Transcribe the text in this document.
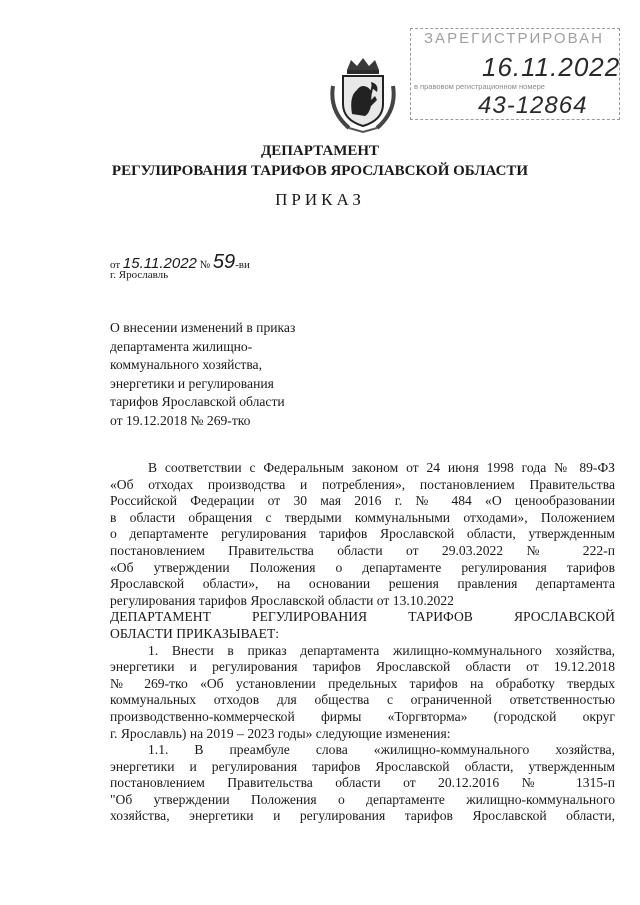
ЗАРЕГИСТРИРОВАН
16.11.2022
в правовом регистрационном номере
43-12864
ДЕПАРТАМЕНТ
РЕГУЛИРОВАНИЯ ТАРИФОВ ЯРОСЛАВСКОЙ ОБЛАСТИ
ПРИКАЗ
от 15.11.2022 № 59-ви
г. Ярославль
О внесении изменений в приказ
департамента жилищно-
коммунального хозяйства,
энергетики и регулирования
тарифов Ярославской области
от 19.12.2018 № 269-тко
В соответствии с Федеральным законом от 24 июня 1998 года № 89-ФЗ
«Об отходах производства и потребления», постановлением Правительства
Российской Федерации от 30 мая 2016 г. № 484 «О ценообразовании
в области обращения с твердыми коммунальными отходами», Положением
о департаменте регулирования тарифов Ярославской области, утвержденным
постановлением Правительства области от 29.03.2022 № 222-п
«Об утверждении Положения о департаменте регулирования тарифов
Ярославской области», на основании решения правления департамента
регулирования тарифов Ярославской области от 13.10.2022
ДЕПАРТАМЕНТ РЕГУЛИРОВАНИЯ ТАРИФОВ ЯРОСЛАВСКОЙ
ОБЛАСТИ ПРИКАЗЫВАЕТ:
1. Внести в приказ департамента жилищно-коммунального хозяйства,
энергетики и регулирования тарифов Ярославской области от 19.12.2018
№ 269-тко «Об установлении предельных тарифов на обработку твердых
коммунальных отходов для общества с ограниченной ответственностью
производственно-коммерческой фирмы «Торгвторма» (городской округ
г. Ярославль) на 2019 – 2023 годы» следующие изменения:
1.1. В преамбуле слова «жилищно-коммунального хозяйства,
энергетики и регулирования тарифов Ярославской области, утвержденным
постановлением Правительства области от 20.12.2016 № 1315-п
"Об утверждении Положения о департаменте жилищно-коммунального
хозяйства, энергетики и регулирования тарифов Ярославской области,
